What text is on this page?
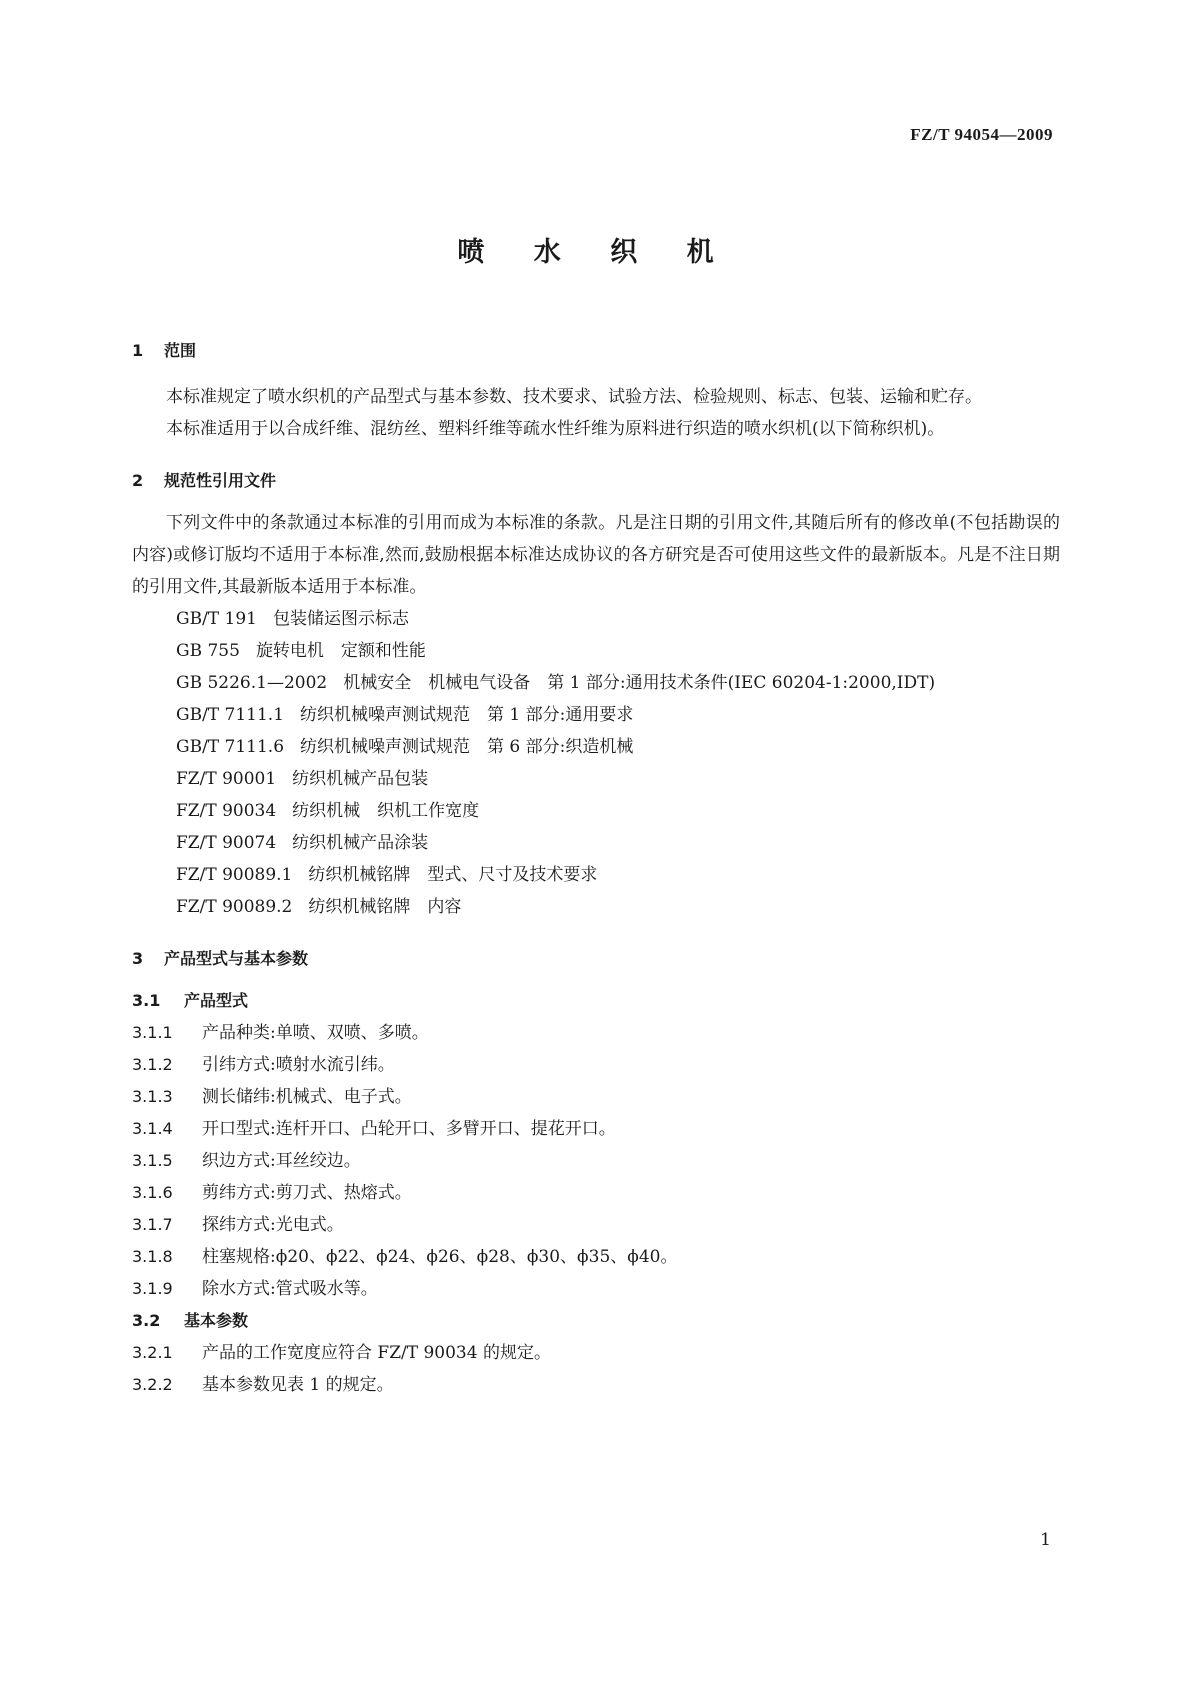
FZ/T 94054—2009
喷 水 织 机
1 范围

本标准规定了喷水织机的产品型式与基本参数、技术要求、试验方法、检验规则、标志、包装、运输和贮存。

本标准适用于以合成纤维、混纺丝、塑料纤维等疏水性纤维为原料进行织造的喷水织机(以下简称织机)。

2 规范性引用文件

下列文件中的条款通过本标准的引用而成为本标准的条款。凡是注日期的引用文件,其随后所有的修改单(不包括勘误的内容)或修订版均不适用于本标准,然而,鼓励根据本标准达成协议的各方研究是否可使用这些文件的最新版本。凡是不注日期的引用文件,其最新版本适用于本标准。

GB/T 191 包装储运图示标志

GB 755 旋转电机　定额和性能

GB 5226.1—2002 机械安全　机械电气设备　第 1 部分:通用技术条件(IEC 60204-1:2000,IDT)

GB/T 7111.1 纺织机械噪声测试规范　第 1 部分:通用要求

GB/T 7111.6 纺织机械噪声测试规范　第 6 部分:织造机械

FZ/T 90001 纺织机械产品包装

FZ/T 90034 纺织机械　织机工作宽度

FZ/T 90074 纺织机械产品涂装

FZ/T 90089.1 纺织机械铭牌　型式、尺寸及技术要求

FZ/T 90089.2 纺织机械铭牌　内容

3 产品型式与基本参数
3.1 产品型式

3.1.1 产品种类:单喷、双喷、多喷。

3.1.2 引纬方式:喷射水流引纬。

3.1.3 测长储纬:机械式、电子式。

3.1.4 开口型式:连杆开口、凸轮开口、多臂开口、提花开口。

3.1.5 织边方式:耳丝绞边。

3.1.6 剪纬方式:剪刀式、热熔式。

3.1.7 探纬方式:光电式。

3.1.8 柱塞规格:ϕ20、ϕ22、ϕ24、ϕ26、ϕ28、ϕ30、ϕ35、ϕ40。

3.1.9 除水方式:管式吸水等。

3.2 基本参数

3.2.1 产品的工作宽度应符合 FZ/T 90034 的规定。

3.2.2 基本参数见表 1 的规定。

1
